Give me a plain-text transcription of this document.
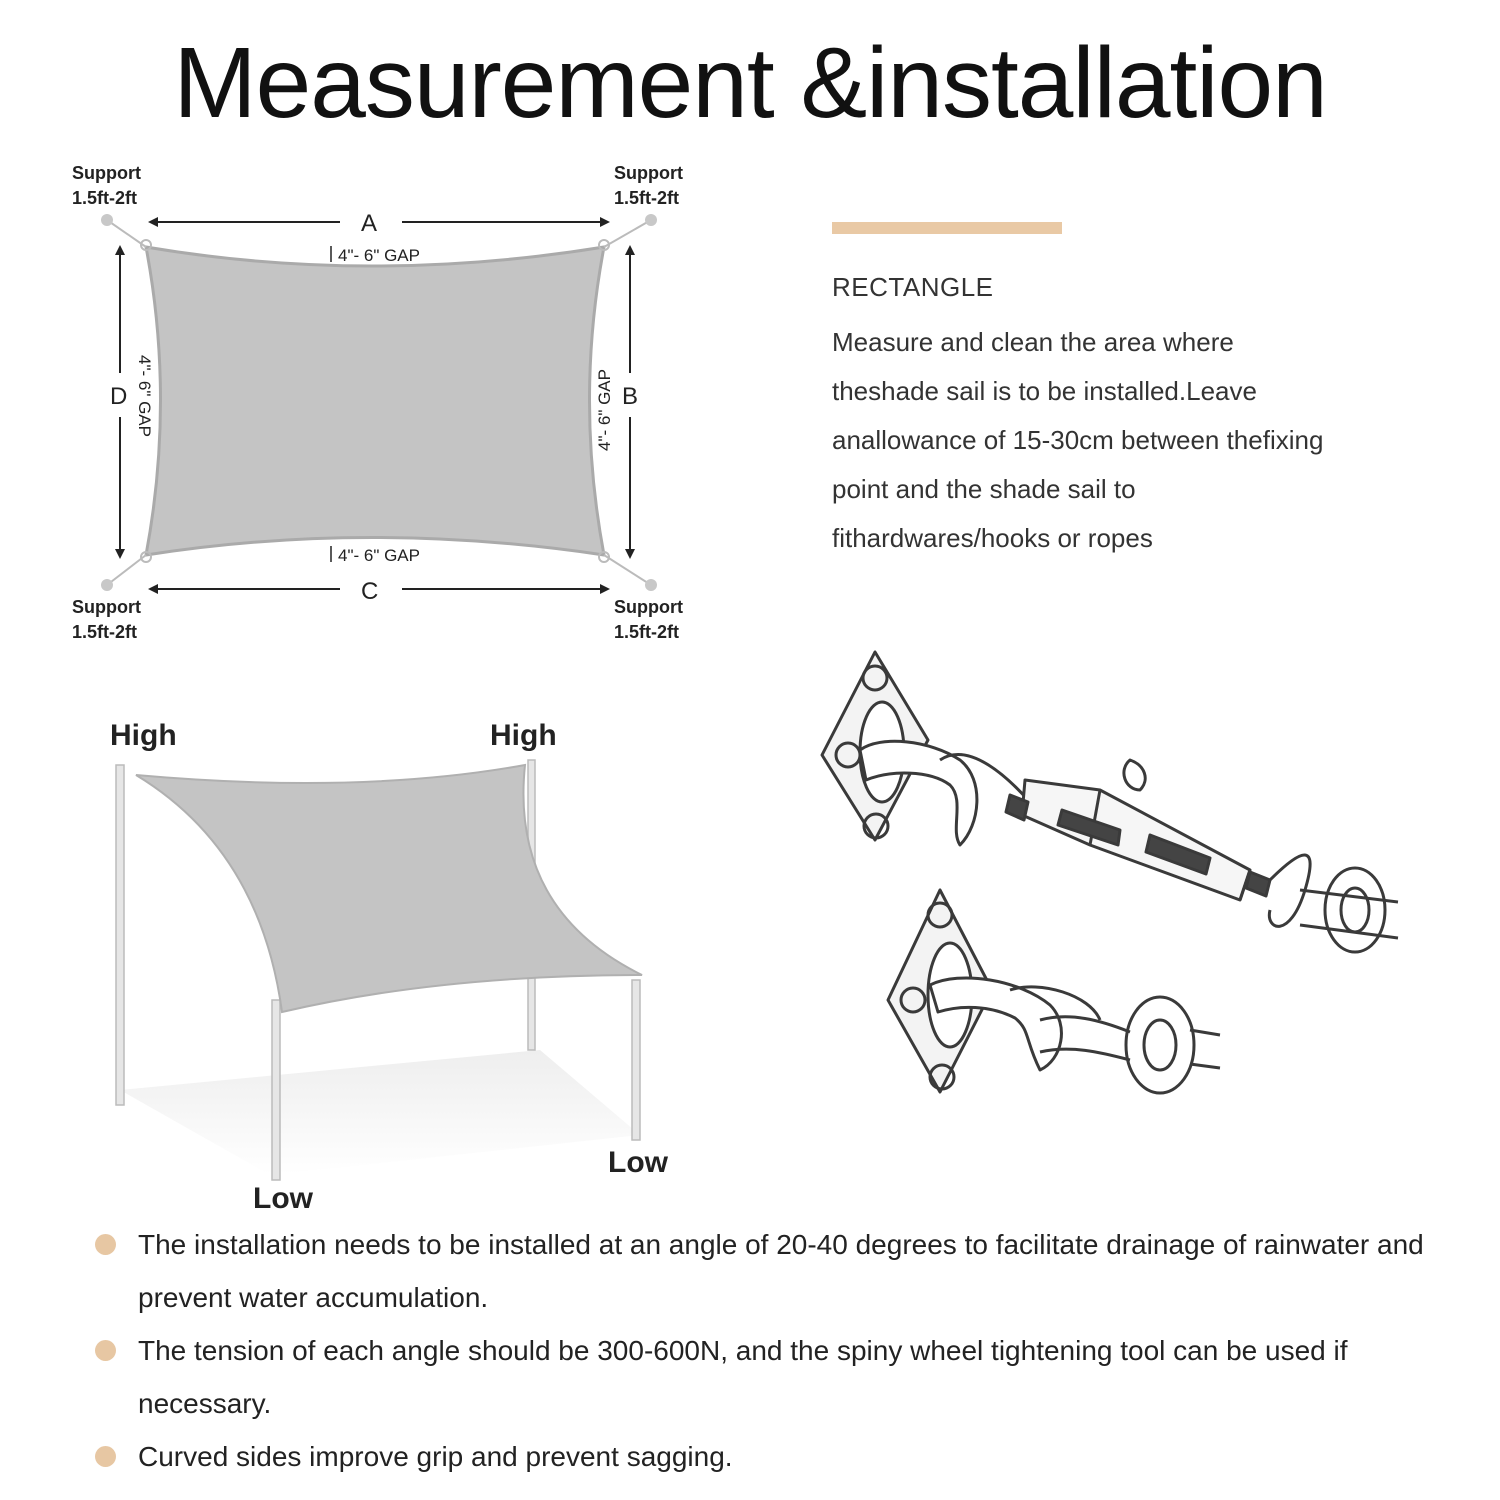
Measurement &installation
Support
1.5ft-2ft
Support
1.5ft-2ft
Support
1.5ft-2ft
Support
1.5ft-2ft
A
C
D	B
4"- 6" GAP
4"- 6" GAP
4"- 6" GAP	4"- 6" GAP
RECTANGLE
Measure and clean the area where
theshade sail is to be installed.Leave
anallowance of 15-30cm between thefixing
point and the shade sail to
fithardwares/hooks or ropes
High	High
Low
Low
The installation needs to be installed at an angle of 20-40 degrees to facilitate drainage of rainwater and prevent water accumulation.
The tension of each angle should be 300-600N, and the spiny wheel tightening tool can be used if necessary.
Curved sides improve grip and prevent sagging.
